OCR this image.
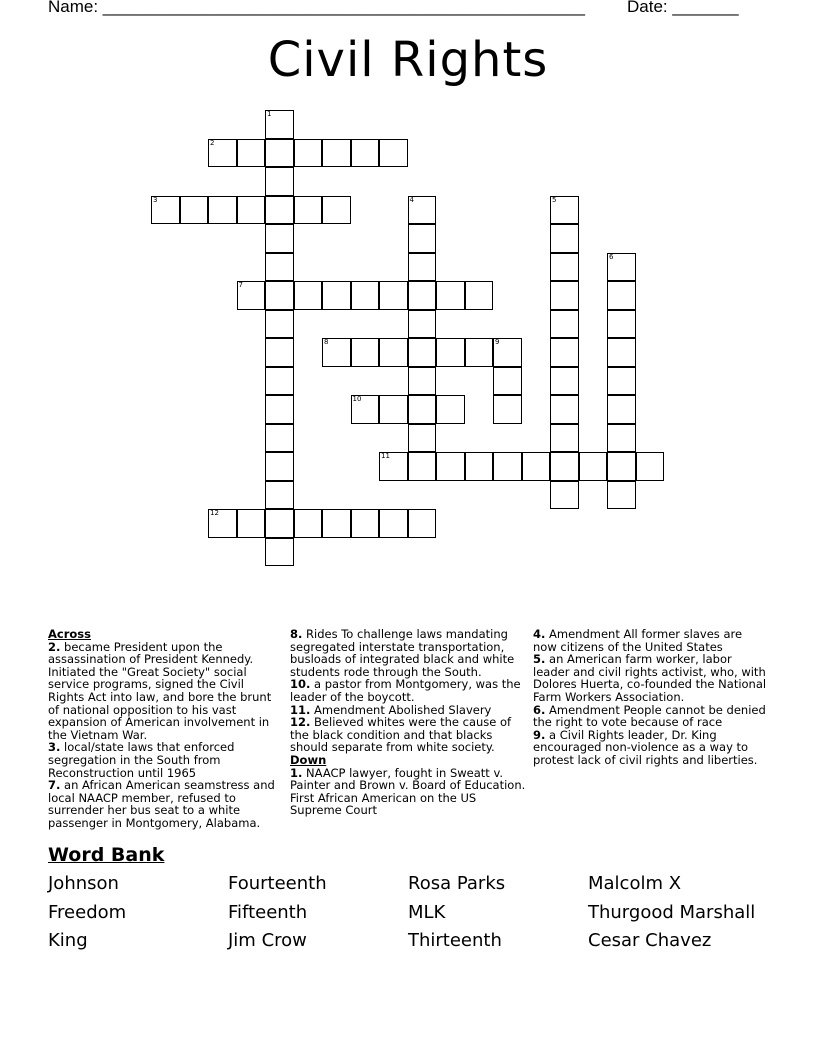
Name: ___________________________________________________ Date: _______
Civil Rights
1
2
3	4	5
6
7
8	9
10
11
12
Across
2. became President upon the assassination of President Kennedy. Initiated the "Great Society" social service programs, signed the Civil Rights Act into law, and bore the brunt of national opposition to his vast expansion of American involvement in the Vietnam War.
3. local/state laws that enforced segregation in the South from Reconstruction until 1965
7. an African American seamstress and local NAACP member, refused to surrender her bus seat to a white passenger in Montgomery, Alabama.
8. Rides To challenge laws mandating segregated interstate transportation, busloads of integrated black and white students rode through the South.
10. a pastor from Montgomery, was the leader of the boycott.
11. Amendment Abolished Slavery
12. Believed whites were the cause of the black condition and that blacks should separate from white society.
Down
1. NAACP lawyer, fought in Sweatt v. Painter and Brown v. Board of Education. First African American on the US Supreme Court
4. Amendment All former slaves are now citizens of the United States
5. an American farm worker, labor leader and civil rights activist, who, with Dolores Huerta, co-founded the National Farm Workers Association.
6. Amendment People cannot be denied the right to vote because of race
9. a Civil Rights leader, Dr. King encouraged non-violence as a way to protest lack of civil rights and liberties.
Word Bank
Johnson	Fourteenth	Rosa Parks	Malcolm X
Freedom	Fifteenth	MLK	Thurgood Marshall
King	Jim Crow	Thirteenth	Cesar Chavez
